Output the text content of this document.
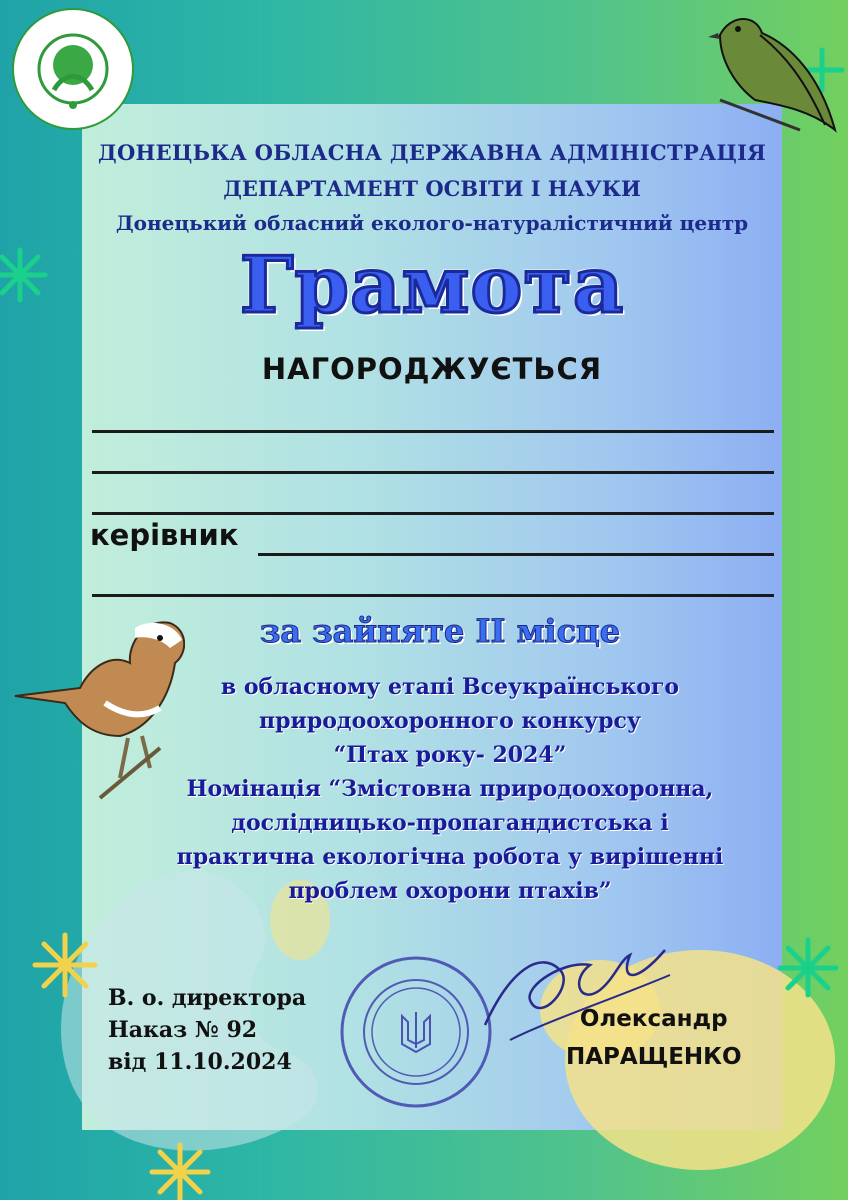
ДОНЕЦЬКА ОБЛАСНА ДЕРЖАВНА АДМІНІСТРАЦІЯ
ДЕПАРТАМЕНТ ОСВІТИ І НАУКИ
Донецький обласний еколого-натуралістичний центр
Грамота
НАГОРОДЖУЄТЬСЯ
керівник
за зайняте ІІ місце
в обласному етапі Всеукраїнського
природоохоронного конкурсу
“Птах року- 2024”
Номінація “Змістовна природоохоронна,
дослідницько-пропагандистська і
практична екологічна робота у вирішенні
проблем охорони птахів”
В. о. директора
Наказ № 92
від 11.10.2024
Олександр
ПАРАЩЕНКО
